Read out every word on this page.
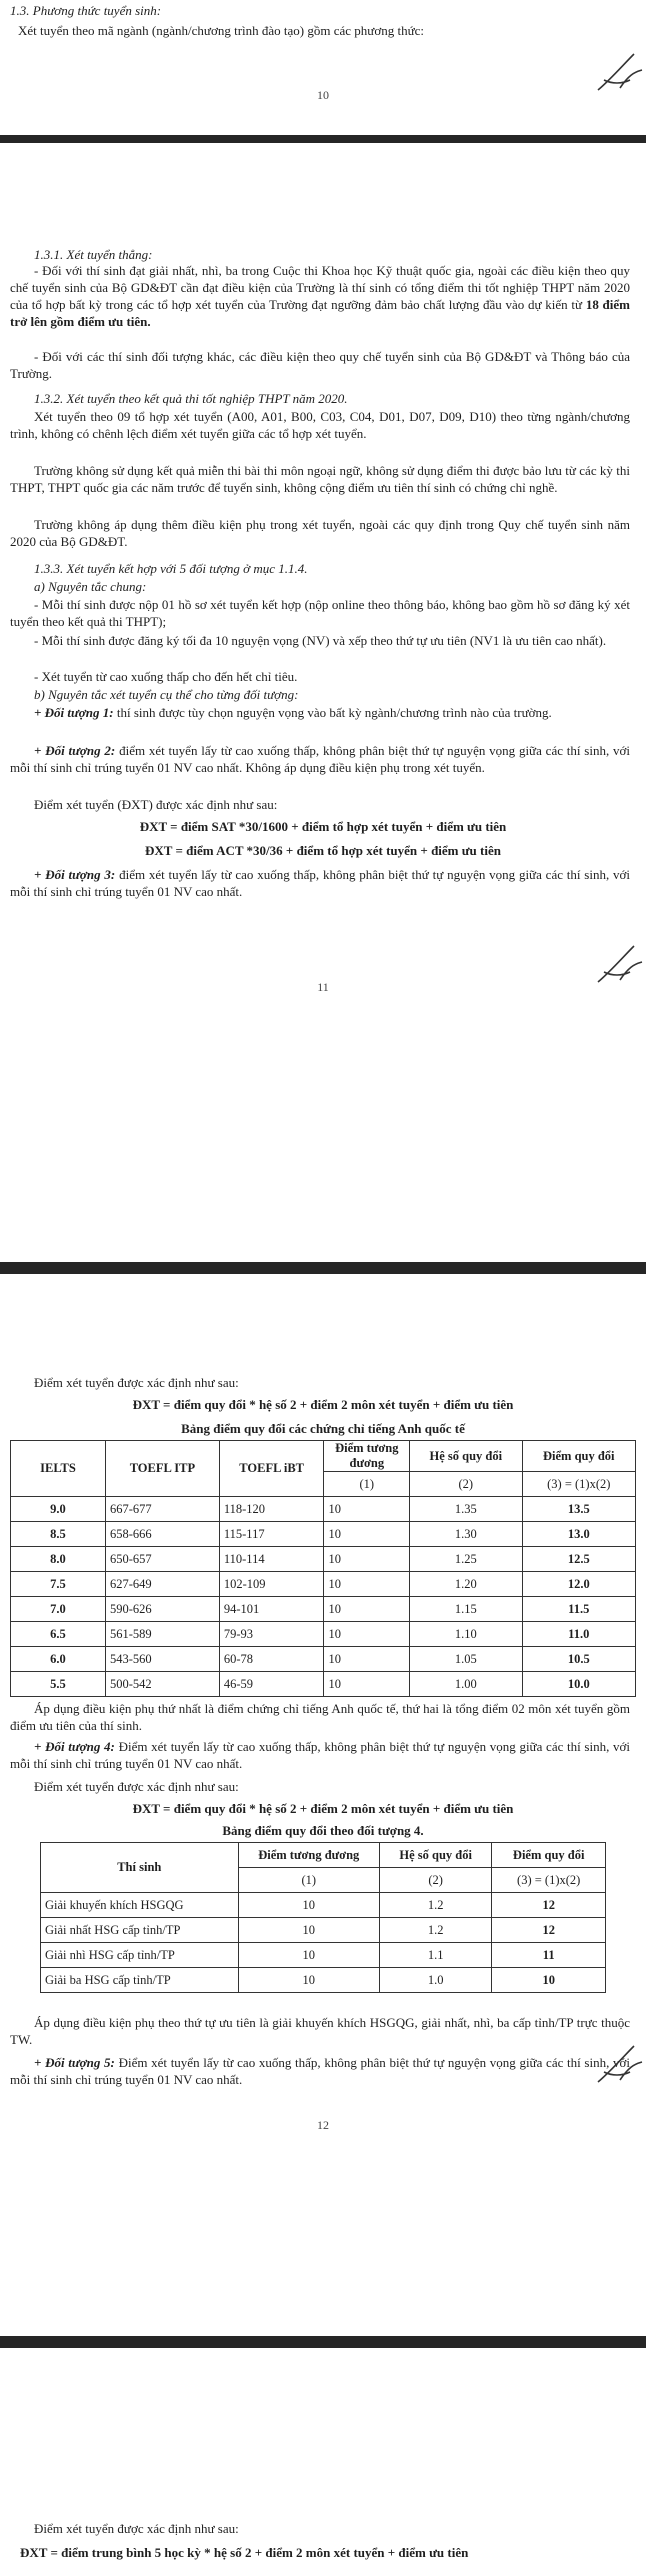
1.3. Phương thức tuyển sinh:
Xét tuyển theo mã ngành (ngành/chương trình đào tạo) gồm các phương thức:
10
1.3.1. Xét tuyển thẳng:
- Đối với thí sinh đạt giải nhất, nhì, ba trong Cuộc thi Khoa học Kỹ thuật quốc gia, ngoài các điều kiện theo quy chế tuyển sinh của Bộ GD&ĐT cần đạt điều kiện của Trường là thí sinh có tổng điểm thi tốt nghiệp THPT năm 2020 của tổ hợp bất kỳ trong các tổ hợp xét tuyển của Trường đạt ngưỡng đảm bảo chất lượng đầu vào dự kiến từ 18 điểm trở lên gồm điểm ưu tiên.
- Đối với các thí sinh đối tượng khác, các điều kiện theo quy chế tuyển sinh của Bộ GD&ĐT và Thông báo của Trường.
1.3.2. Xét tuyển theo kết quả thi tốt nghiệp THPT năm 2020.
Xét tuyển theo 09 tổ hợp xét tuyển (A00, A01, B00, C03, C04, D01, D07, D09, D10) theo từng ngành/chương trình, không có chênh lệch điểm xét tuyển giữa các tổ hợp xét tuyển.
Trường không sử dụng kết quả miễn thi bài thi môn ngoại ngữ, không sử dụng điểm thi được bảo lưu từ các kỳ thi THPT, THPT quốc gia các năm trước để tuyển sinh, không cộng điểm ưu tiên thí sinh có chứng chỉ nghề.
Trường không áp dụng thêm điều kiện phụ trong xét tuyển, ngoài các quy định trong Quy chế tuyển sinh năm 2020 của Bộ GD&ĐT.
1.3.3. Xét tuyển kết hợp với 5 đối tượng ở mục 1.1.4.
a) Nguyên tắc chung:
- Mỗi thí sinh được nộp 01 hồ sơ xét tuyển kết hợp (nộp online theo thông báo, không bao gồm hồ sơ đăng ký xét tuyển theo kết quả thi THPT);
- Mỗi thí sinh được đăng ký tối đa 10 nguyện vọng (NV) và xếp theo thứ tự ưu tiên (NV1 là ưu tiên cao nhất).
- Xét tuyển từ cao xuống thấp cho đến hết chỉ tiêu.
b) Nguyên tắc xét tuyển cụ thể cho từng đối tượng:
+ Đối tượng 1: thí sinh được tùy chọn nguyện vọng vào bất kỳ ngành/chương trình nào của trường.
+ Đối tượng 2: điểm xét tuyển lấy từ cao xuống thấp, không phân biệt thứ tự nguyện vọng giữa các thí sinh, với mỗi thí sinh chỉ trúng tuyển 01 NV cao nhất. Không áp dụng điều kiện phụ trong xét tuyển.
Điểm xét tuyển (ĐXT) được xác định như sau:
ĐXT = điểm SAT *30/1600 + điểm tổ hợp xét tuyển + điểm ưu tiên
ĐXT = điểm ACT *30/36 + điểm tổ hợp xét tuyển + điểm ưu tiên
+ Đối tượng 3: điểm xét tuyển lấy từ cao xuống thấp, không phân biệt thứ tự nguyện vọng giữa các thí sinh, với mỗi thí sinh chỉ trúng tuyển 01 NV cao nhất.
11
Điểm xét tuyển được xác định như sau:
ĐXT = điểm quy đổi * hệ số 2 + điểm 2 môn xét tuyển + điểm ưu tiên
Bảng điểm quy đổi các chứng chỉ tiếng Anh quốc tế
IELTS	TOEFL ITP	TOEFL iBT	Điểm tương đương	Hệ số quy đổi	Điểm quy đổi
			(1)	(2)	(3) = (1)x(2)
9.0	667-677	118-120	10	1.35	13.5
8.5	658-666	115-117	10	1.30	13.0
8.0	650-657	110-114	10	1.25	12.5
7.5	627-649	102-109	10	1.20	12.0
7.0	590-626	94-101	10	1.15	11.5
6.5	561-589	79-93	10	1.10	11.0
6.0	543-560	60-78	10	1.05	10.5
5.5	500-542	46-59	10	1.00	10.0
Áp dụng điều kiện phụ thứ nhất là điểm chứng chỉ tiếng Anh quốc tế, thứ hai là tổng điểm 02 môn xét tuyển gồm điểm ưu tiên của thí sinh.
+ Đối tượng 4: Điểm xét tuyển lấy từ cao xuống thấp, không phân biệt thứ tự nguyện vọng giữa các thí sinh, với mỗi thí sinh chỉ trúng tuyển 01 NV cao nhất.
Điểm xét tuyển được xác định như sau:
ĐXT = điểm quy đổi * hệ số 2 + điểm 2 môn xét tuyển + điểm ưu tiên
Bảng điểm quy đổi theo đối tượng 4.
Thí sinh	Điểm tương đương	Hệ số quy đổi	Điểm quy đổi
	(1)	(2)	(3) = (1)x(2)
Giải khuyến khích HSGQG	10	1.2	12
Giải nhất HSG cấp tỉnh/TP	10	1.2	12
Giải nhì HSG cấp tỉnh/TP	10	1.1	11
Giải ba HSG cấp tỉnh/TP	10	1.0	10
Áp dụng điều kiện phụ theo thứ tự ưu tiên là giải khuyến khích HSGQG, giải nhất, nhì, ba cấp tỉnh/TP trực thuộc TW.
+ Đối tượng 5: Điểm xét tuyển lấy từ cao xuống thấp, không phân biệt thứ tự nguyện vọng giữa các thí sinh, với mỗi thí sinh chỉ trúng tuyển 01 NV cao nhất.
12
Điểm xét tuyển được xác định như sau:
ĐXT = điểm trung bình 5 học kỳ * hệ số 2 + điểm 2 môn xét tuyển + điểm ưu tiên
